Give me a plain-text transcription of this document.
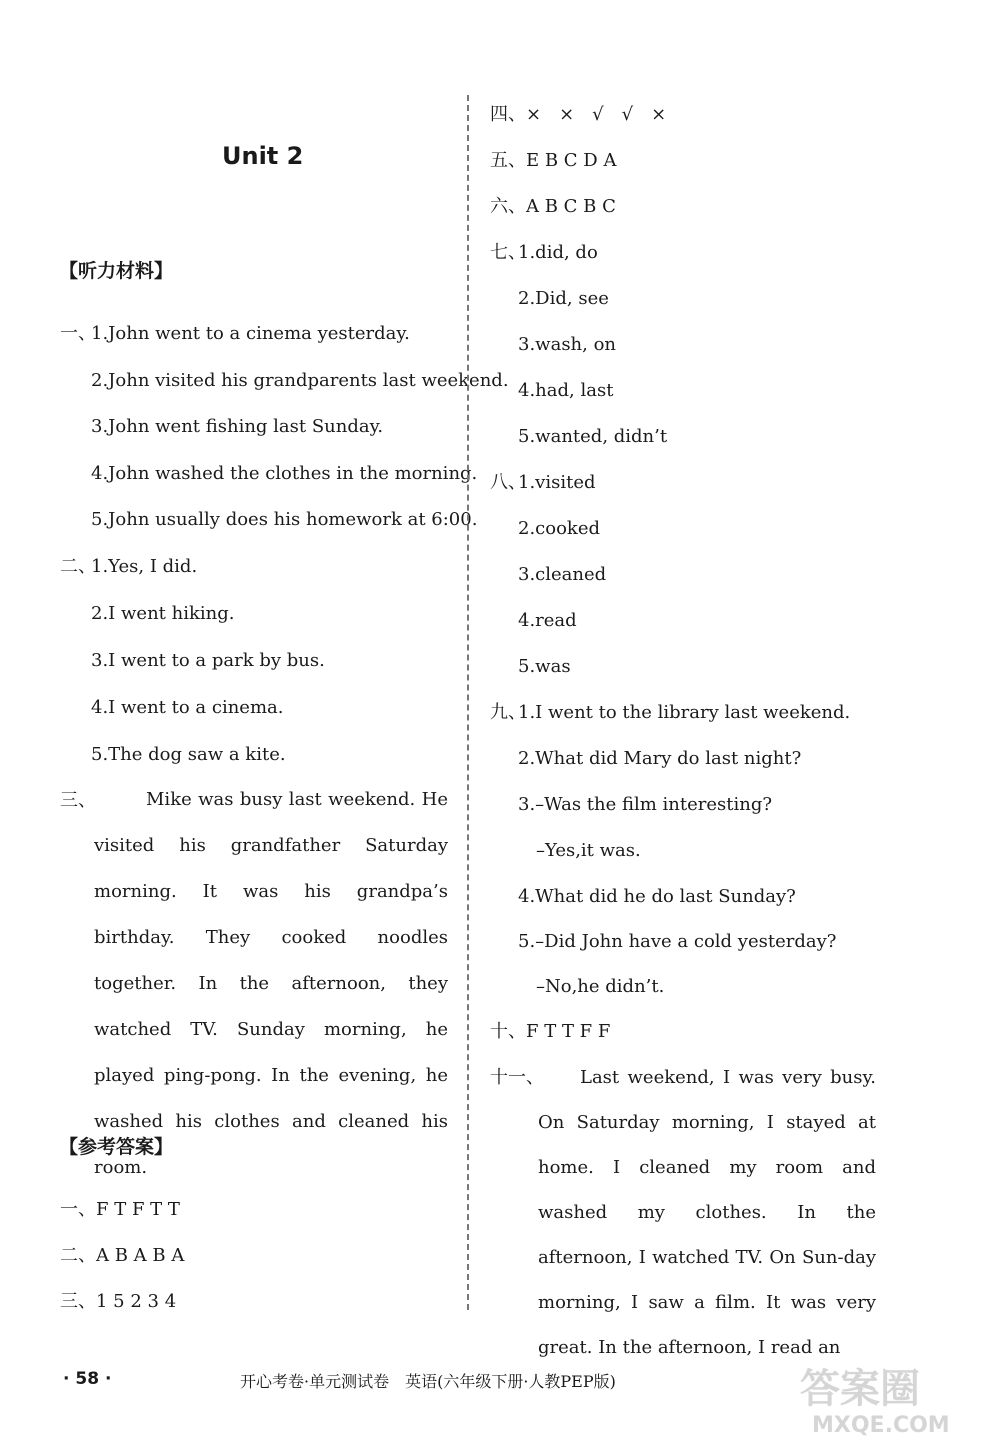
Unit 2
【听力材料】
一、
1.John went to a cinema yesterday.
2.John visited his grandparents last weekend.
3.John went fishing last Sunday.
4.John washed the clothes in the morning.
5.John usually does his homework at 6:00.
二、
1.Yes, I did.
2.I went hiking.
3.I went to a park by bus.
4.I went to a cinema.
5.The dog saw a kite.
三、	Mike was busy last weekend. He visited his grandfather Saturday morning. It was his grandpa’s birthday. They cooked noodles together. In the afternoon, they watched TV. Sunday morning, he played ping-pong. In the evening, he washed his clothes and cleaned his room.
【参考答案】
一、F T F T T
二、A B A B A
三、1 5 2 3 4
四、×　×　√　√　×
五、E B C D A
六、A B C B C
七、
1.did, do
2.Did, see
3.wash, on
4.had, last
5.wanted, didn’t
八、
1.visited
2.cooked
3.cleaned
4.read
5.was
九、
1.I went to the library last weekend.
2.What did Mary do last night?
3.–Was the film interesting?
–Yes,it was.
4.What did he do last Sunday?
5.–Did John have a cold yesterday?
–No,he didn’t.
十、F T T F F
十一、	Last weekend, I was very busy. On Saturday morning, I stayed at home. I cleaned my room and washed my clothes. In the afternoon, I watched TV. On Sun-day morning, I saw a film. It was very great. In the afternoon, I read an
· 58 ·	开心考卷·单元测试卷　英语(六年级下册·人教PEP版)	答案圈
MXQE.COM
